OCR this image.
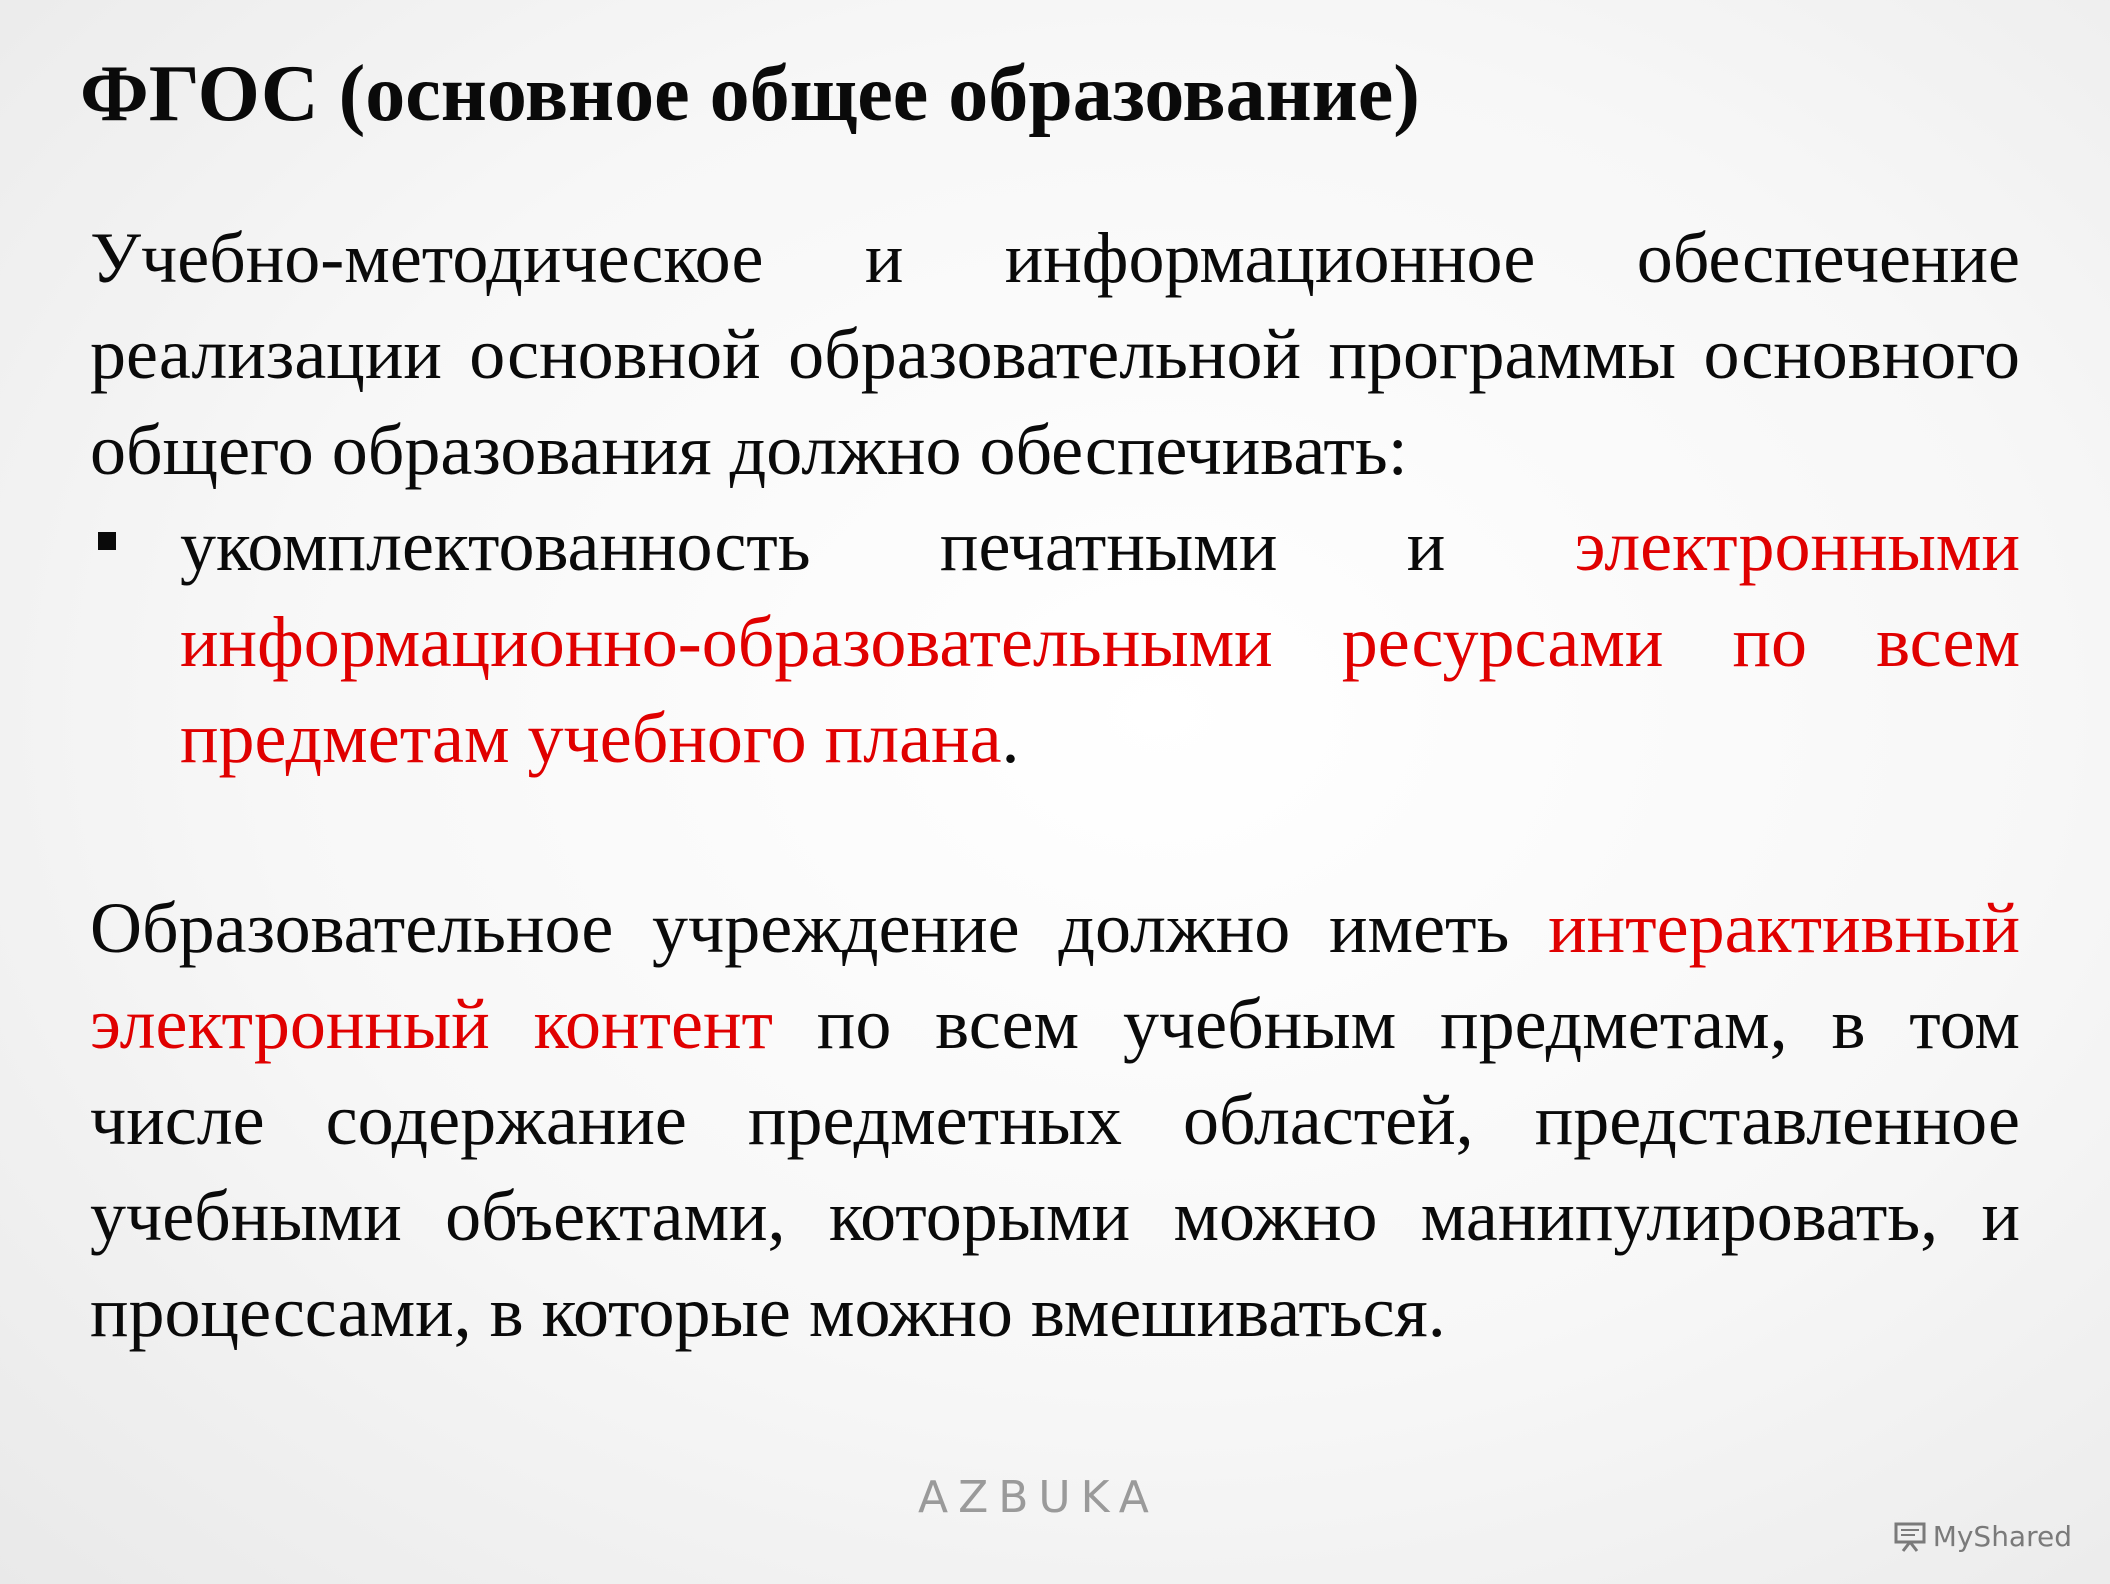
ФГОС (основное общее образование)

Учебно-методическое и информационное обеспечение реализации основной образовательной программы основного общего образования должно обеспечивать:

укомплектованность печатными и электронными информационно-образовательными ресурсами по всем предметам учебного плана.

Образовательное учреждение должно иметь интерактивный электронный контент по всем учебным предметам, в том числе содержание предметных областей, представленное учебными объектами, которыми можно манипулировать, и процессами, в которые можно вмешиваться.

AZBUKA
MyShared
